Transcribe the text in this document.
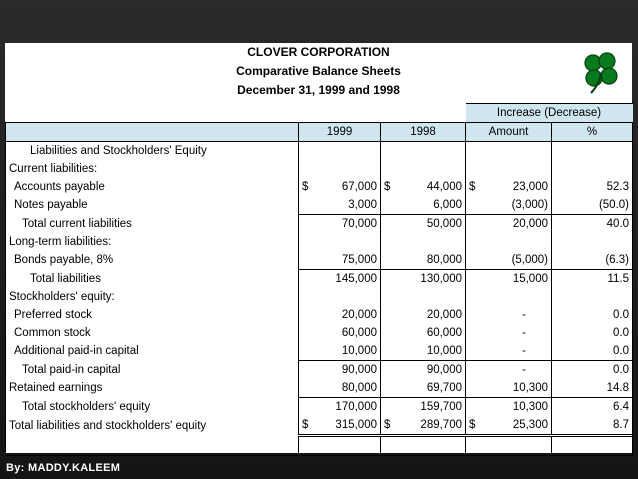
CLOVER CORPORATION
Comparative Balance Sheets
December 31, 1999 and 1998
			Increase (Decrease)	
	1999	1998	Amount	%
Liabilities and Stockholders' Equity				
Current liabilities:				
Accounts payable	$ 67,000	$ 44,000	$ 23,000	52.3
Notes payable	3,000	6,000	(3,000)	(50.0)
Total current liabilities	70,000	50,000	20,000	40.0
Long-term liabilities:				
Bonds payable, 8%	75,000	80,000	(5,000)	(6.3)
Total liabilities	145,000	130,000	15,000	11.5
Stockholders' equity:				
Preferred stock	20,000	20,000	-	0.0
Common stock	60,000	60,000	-	0.0
Additional paid-in capital	10,000	10,000	-	0.0
Total paid-in capital	90,000	90,000	-	0.0
Retained earnings	80,000	69,700	10,300	14.8
Total stockholders' equity	170,000	159,700	10,300	6.4
Total liabilities and stockholders' equity	$ 315,000	$ 289,700	$ 25,300	8.7

By: MADDY.KALEEM
